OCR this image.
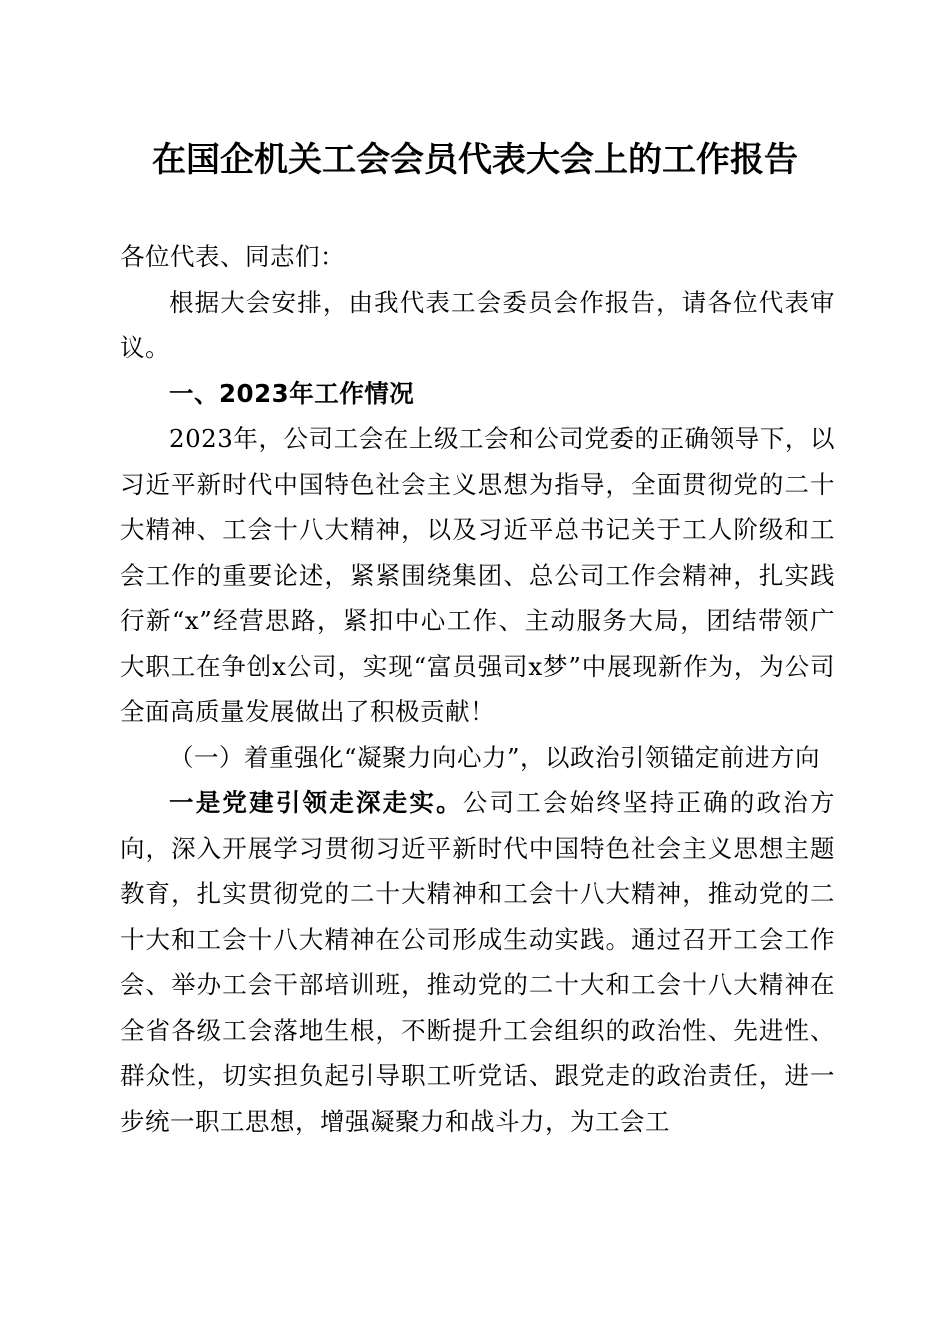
在国企机关工会会员代表大会上的工作报告

各位代表、同志们：

根据大会安排，由我代表工会委员会作报告，请各位代表审议。

一、2023年工作情况

2023年，公司工会在上级工会和公司党委的正确领导下，以习近平新时代中国特色社会主义思想为指导，全面贯彻党的二十大精神、工会十八大精神，以及习近平总书记关于工人阶级和工会工作的重要论述，紧紧围绕集团、总公司工作会精神，扎实践行新“x”经营思路，紧扣中心工作、主动服务大局，团结带领广大职工在争创x公司，实现“富员强司x梦”中展现新作为，为公司全面高质量发展做出了积极贡献！

（一）着重强化“凝聚力向心力”，以政治引领锚定前进方向

一是党建引领走深走实。公司工会始终坚持正确的政治方向，深入开展学习贯彻习近平新时代中国特色社会主义思想主题教育，扎实贯彻党的二十大精神和工会十八大精神，推动党的二十大和工会十八大精神在公司形成生动实践。通过召开工会工作会、举办工会干部培训班，推动党的二十大和工会十八大精神在全省各级工会落地生根，不断提升工会组织的政治性、先进性、群众性，切实担负起引导职工听党话、跟党走的政治责任，进一步统一职工思想，增强凝聚力和战斗力，为工会工
